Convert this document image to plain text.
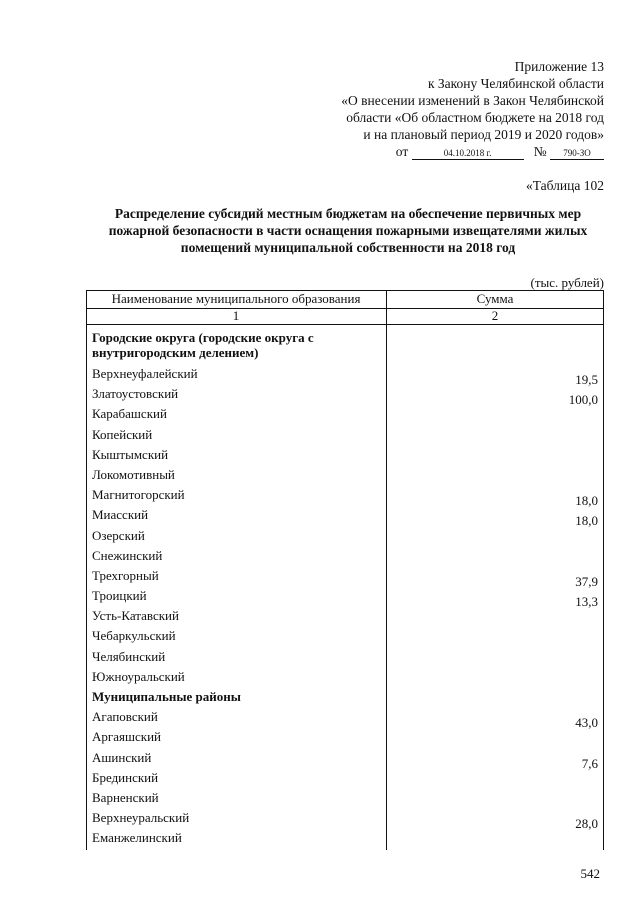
Приложение 13
к Закону Челябинской области
«О внесении изменений в Закон Челябинской
области «Об областном бюджете на 2018 год
и на плановый период 2019 и 2020 годов»
от	04.10.2018 г.	№ 790-ЗО
«Таблица 102
Распределение субсидий местным бюджетам на обеспечение первичных мер пожарной безопасности в части оснащения пожарными извещателями жилых помещений муниципальной собственности на 2018 год
(тыс. рублей)
Наименование муниципального образования	Сумма
1	2
Городские округа (городские округа с внутригородским делением)
Верхнеуфалейский	19,5
Златоустовский	100,0
Карабашский
Копейский
Кыштымский
Локомотивный
Магнитогорский	18,0
Миасский	18,0
Озерский
Снежинский
Трехгорный	37,9
Троицкий	13,3
Усть-Катавский
Чебаркульский
Челябинский
Южноуральский
Муниципальные районы
Агаповский	43,0
Аргаяшский
Ашинский	7,6
Брединский
Варненский
Верхнеуральский	28,0
Еманжелинский
542
